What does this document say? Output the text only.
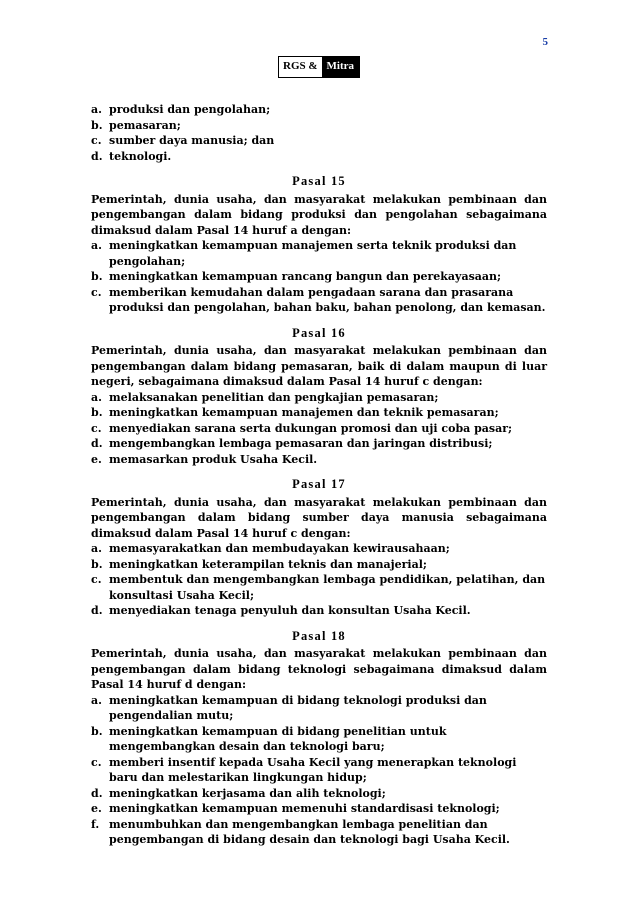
5
RGS & Mitra
a. produksi dan pengolahan;
b. pemasaran;
c. sumber daya manusia; dan
d. teknologi.
Pasal 15
Pemerintah, dunia usaha, dan masyarakat melakukan pembinaan dan pengembangan dalam bidang produksi dan pengolahan sebagaimana dimaksud dalam Pasal 14 huruf a dengan:
a. meningkatkan kemampuan manajemen serta teknik produksi dan pengolahan;
b. meningkatkan kemampuan rancang bangun dan perekayasaan;
c. memberikan kemudahan dalam pengadaan sarana dan prasarana produksi dan pengolahan, bahan baku, bahan penolong, dan kemasan.
Pasal 16
Pemerintah, dunia usaha, dan masyarakat melakukan pembinaan dan pengembangan dalam bidang pemasaran, baik di dalam maupun di luar negeri, sebagaimana dimaksud dalam Pasal 14 huruf c dengan:
a. melaksanakan penelitian dan pengkajian pemasaran;
b. meningkatkan kemampuan manajemen dan teknik pemasaran;
c. menyediakan sarana serta dukungan promosi dan uji coba pasar;
d. mengembangkan lembaga pemasaran dan jaringan distribusi;
e. memasarkan produk Usaha Kecil.
Pasal 17
Pemerintah, dunia usaha, dan masyarakat melakukan pembinaan dan pengembangan dalam bidang sumber daya manusia sebagaimana dimaksud dalam Pasal 14 huruf c dengan:
a. memasyarakatkan dan membudayakan kewirausahaan;
b. meningkatkan keterampilan teknis dan manajerial;
c. membentuk dan mengembangkan lembaga pendidikan, pelatihan, dan konsultasi Usaha Kecil;
d. menyediakan tenaga penyuluh dan konsultan Usaha Kecil.
Pasal 18
Pemerintah, dunia usaha, dan masyarakat melakukan pembinaan dan pengembangan dalam bidang teknologi sebagaimana dimaksud dalam Pasal 14 huruf d dengan:
a. meningkatkan kemampuan di bidang teknologi produksi dan pengendalian mutu;
b. meningkatkan kemampuan di bidang penelitian untuk mengembangkan desain dan teknologi baru;
c. memberi insentif kepada Usaha Kecil yang menerapkan teknologi baru dan melestarikan lingkungan hidup;
d. meningkatkan kerjasama dan alih teknologi;
e. meningkatkan kemampuan memenuhi standardisasi teknologi;
f. menumbuhkan dan mengembangkan lembaga penelitian dan pengembangan di bidang desain dan teknologi bagi Usaha Kecil.
